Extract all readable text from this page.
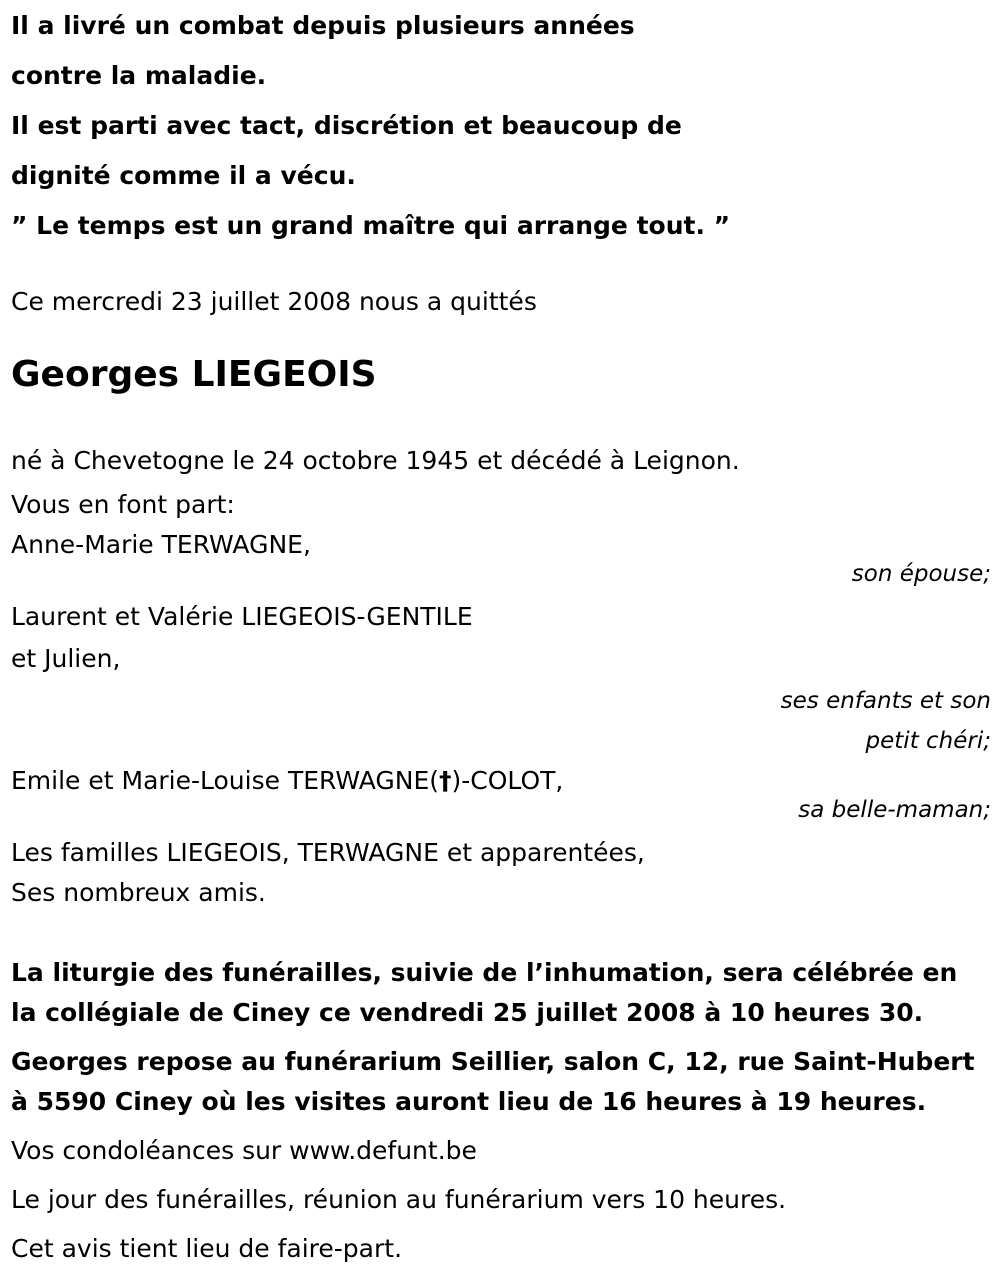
Il a livré un combat depuis plusieurs années

contre la maladie.

Il est parti avec tact, discrétion et beaucoup de

dignité comme il a vécu.

” Le temps est un grand maître qui arrange tout. ”

Ce mercredi 23 juillet 2008 nous a quittés

Georges LIEGEOIS

né à Chevetogne le 24 octobre 1945 et décédé à Leignon.

Vous en font part:

Anne-Marie TERWAGNE,

son épouse;

Laurent et Valérie LIEGEOIS-GENTILE

et Julien,

ses enfants et son

petit chéri;

Emile et Marie-Louise TERWAGNE(†)-COLOT,

sa belle-maman;

Les familles LIEGEOIS, TERWAGNE et apparentées,

Ses nombreux amis.

La liturgie des funérailles, suivie de l’inhumation, sera célébrée en la collégiale de Ciney ce vendredi 25 juillet 2008 à 10 heures 30.

Georges repose au funérarium Seillier, salon C, 12, rue Saint-Hubert à 5590 Ciney où les visites auront lieu de 16 heures à 19 heures.

Vos condoléances sur www.defunt.be

Le jour des funérailles, réunion au funérarium vers 10 heures.

Cet avis tient lieu de faire-part.
